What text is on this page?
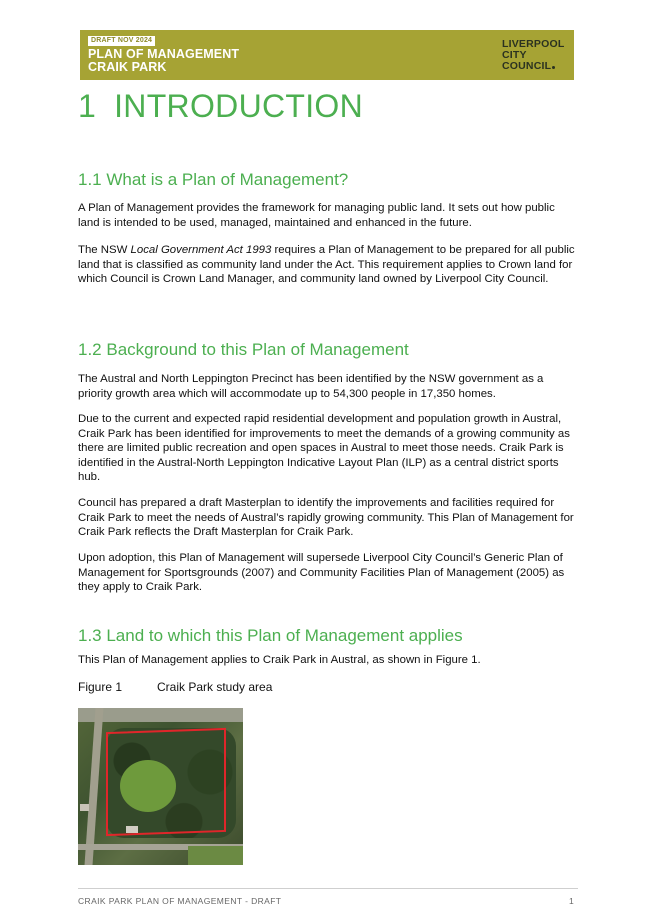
DRAFT NOV 2024
PLAN OF MANAGEMENT
CRAIK PARK
LIVERPOOL
CITY
COUNCIL
1 INTRODUCTION
1.1 What is a Plan of Management?
A Plan of Management provides the framework for managing public land. It sets out how public land is intended to be used, managed, maintained and enhanced in the future.
The NSW Local Government Act 1993 requires a Plan of Management to be prepared for all public land that is classified as community land under the Act. This requirement applies to Crown land for which Council is Crown Land Manager, and community land owned by Liverpool City Council.
1.2 Background to this Plan of Management
The Austral and North Leppington Precinct has been identified by the NSW government as a priority growth area which will accommodate up to 54,300 people in 17,350 homes.
Due to the current and expected rapid residential development and population growth in Austral, Craik Park has been identified for improvements to meet the demands of a growing community as there are limited public recreation and open spaces in Austral to meet those needs. Craik Park is identified in the Austral-North Leppington Indicative Layout Plan (ILP) as a central district sports hub.
Council has prepared a draft Masterplan to identify the improvements and facilities required for Craik Park to meet the needs of Austral’s rapidly growing community. This Plan of Management for Craik Park reflects the Draft Masterplan for Craik Park.
Upon adoption, this Plan of Management will supersede Liverpool City Council’s Generic Plan of Management for Sportsgrounds (2007) and Community Facilities Plan of Management (2005) as they apply to Craik Park.
1.3 Land to which this Plan of Management applies
This Plan of Management applies to Craik Park in Austral, as shown in Figure 1.
Figure 1	Craik Park study area
CRAIK PARK PLAN OF MANAGEMENT - DRAFT	1
